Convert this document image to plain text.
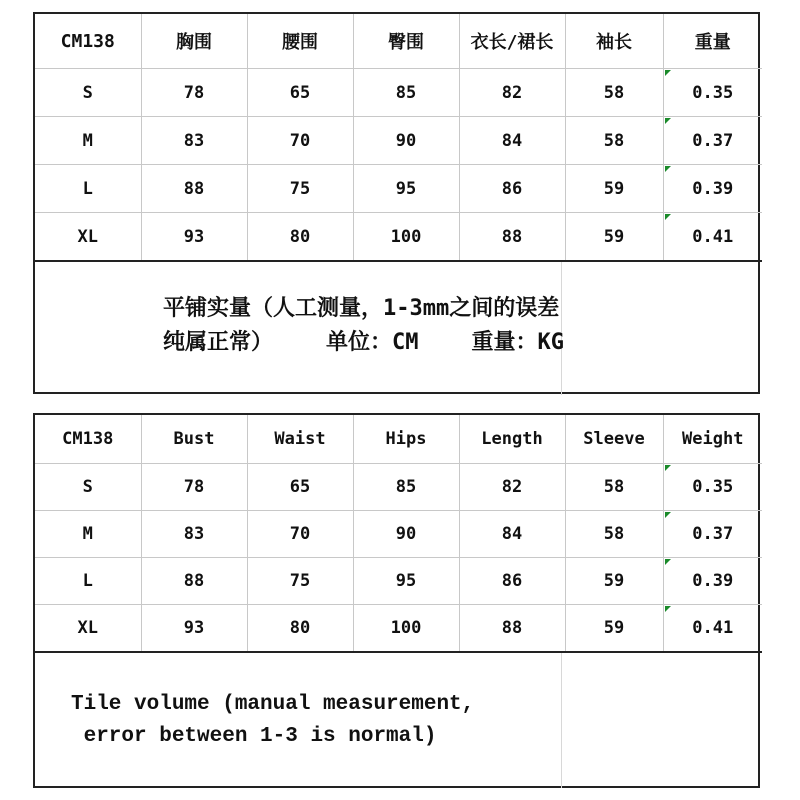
CM138	胸围	腰围	臀围	衣长/裙长	袖长	重量
S	78	65	85	82	58	0.35
M	83	70	90	84	58	0.37
L	88	75	95	86	59	0.39
XL	93	80	100	88	59	0.41
平铺实量（人工测量，1-3mm之间的误差
纯属正常）    单位：CM    重量：KG
CM138	Bust	Waist	Hips	Length	Sleeve	Weight
S	78	65	85	82	58	0.35
M	83	70	90	84	58	0.37
L	88	75	95	86	59	0.39
XL	93	80	100	88	59	0.41
Tile volume (manual measurement,
error between 1-3 is normal)
